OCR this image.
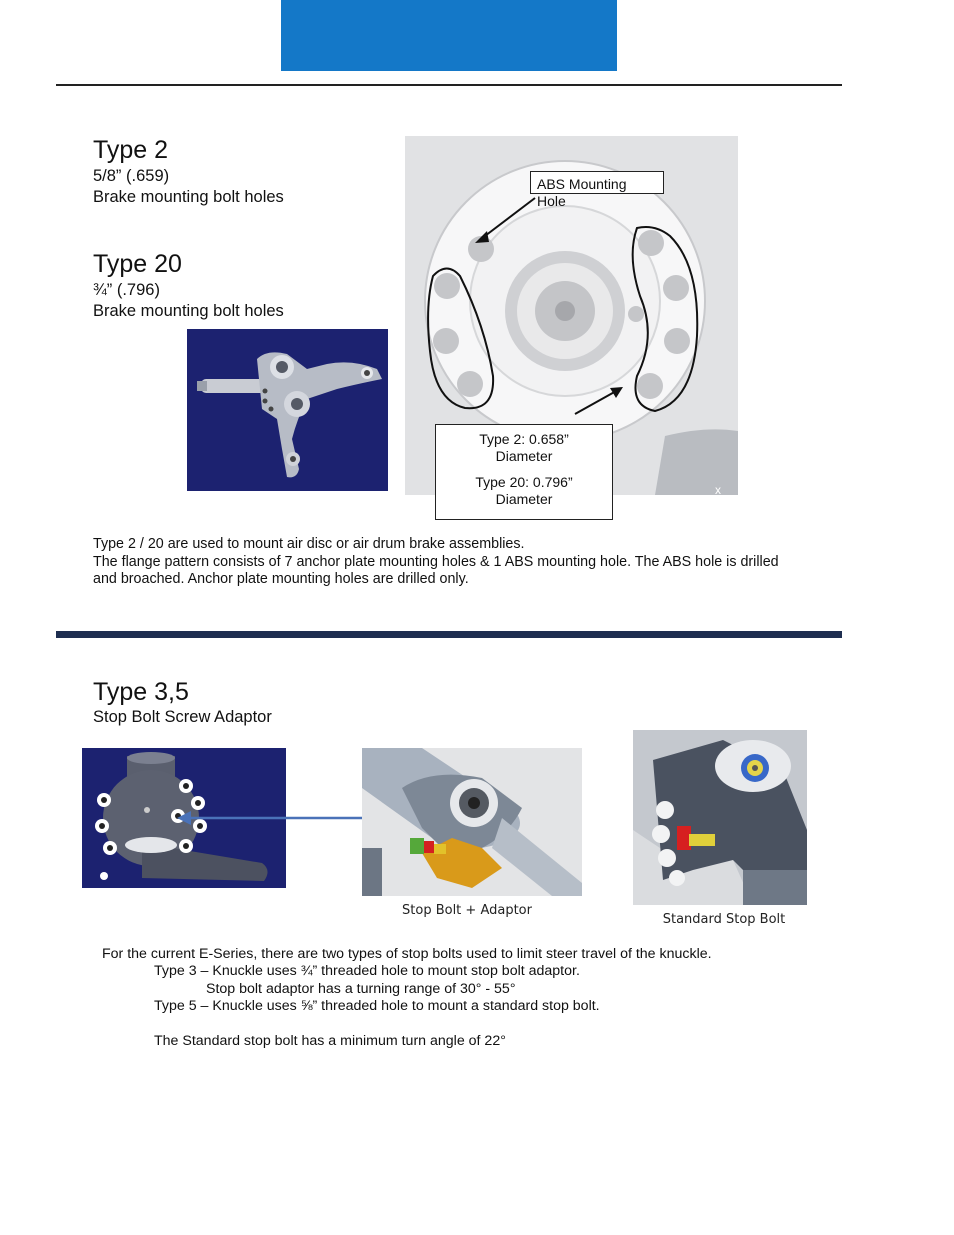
Type 2
5/8” (.659)
Brake mounting bolt holes
Type 20
¾” (.796)
Brake mounting bolt holes
x
ABS Mounting Hole
Type 2: 0.658”
Diameter
Type 20: 0.796”
Diameter
Type 2 / 20 are used to mount air disc or air drum brake assemblies.
The flange pattern consists of 7 anchor plate mounting holes & 1 ABS mounting hole. The ABS hole is drilled
and broached. Anchor plate mounting holes are drilled only.
Type 3,5
Stop Bolt Screw Adaptor
Stop Bolt + Adaptor
Standard Stop Bolt
For the current E-Series, there are two types of stop bolts used to limit steer travel of the knuckle.
Type 3 – Knuckle uses ¾” threaded hole to mount stop bolt adaptor.
Stop bolt adaptor has a turning range of 30° - 55°
Type 5 – Knuckle uses ⅝” threaded hole to mount a standard stop bolt.
The Standard stop bolt has a minimum turn angle of 22°
